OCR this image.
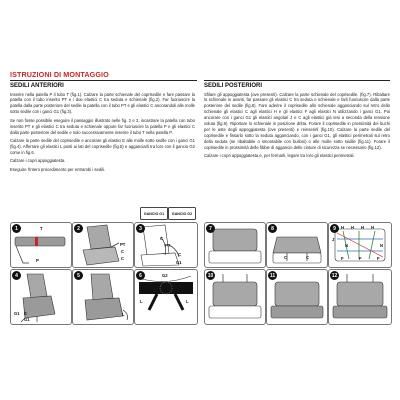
ISTRUZIONI DI MONTAGGIO
SEDILI ANTERIORI	SEDILI POSTERIORI

Inserire nella patella P il tubo T (fig.1). Calzare la parte schienale del coprisedile e fare passare la patella con il tubo inserito PT e i due elastici C tra seduta e schienale (fig.2). Far fuoriuscire la patella dalla parte posteriore del sedile la patella con il tubo PT e gli elastici C ancorandoli alle molle sotto sedile con i ganci G1 (fig.3).

Se non fosse possibile eseguire il passaggio illustrato nelle fig. 2 e 3, incastrare la patella con tubo inserito PT e gli elastici C tra seduta e schienale oppure far fuoriuscire la patella P e gli elastici C dalla parte posteriore del sedile e solo successivamente inserire il tubo T nella patella P.

Calzare la parte sedile del coprisedile e ancorare gli elastici E alle molle sotto sedile con i ganci G1 (fig.4). Afferrare gli elastici L posti ai lati del coprisedile (fig.5) e agganciarli tra loro con il gancio G2 come in fig.6.

Calzare i copri appoggiatesta.

Eseguire l'intero procedimento per entrambi i sedili.

GANCIO G1 GANCIO G2

Sfilare gli appoggiatesta (ove presenti). Calzare la parte schienale del coprisedile. (fig.7). Ribaltare lo schienale in avanti, far passare gli elastici C tra seduta e schienale e farli fuoriuscire dalla parte posteriore del sedile (fig.8). Fare aderire il coprisedile allo schienale agganciando sul retro dello schienale gli elastici C agli elastici H e gli elastici F agli elastici N utilizzando i ganci G1. Poi ancorare con i ganci G1 gli elastici angolari J e C agli elastici già tesi a seconda della tensione voluta (fig.9). Riportare lo schienale in posizione dritta. Forare il coprisedile in prossimità dei buchi per le aste degli appoggiatesta (ove presenti) e reinserirli (fig.10). Calzare la parte sedile del coprisedile e fissarlo sotto la seduta agganciando, con i ganci G1, gli elastici perimetrali sul retro della seduta (se ribaltabile o smontabile con bulloni) o alle molle sotto sedile (fig.11). Forare il coprisedile in prossimità delle fibbie di aggancio delle cinture di sicurezza se necessario (fig.12).

Calzare i copri appoggiatesta e, per fermarli, legare tra loro gli elastici perimetrali.

1	T
P
2
PT
C
C
3
C
PT
C
G1
4
G1 E
G1
5
L
6
L
G2
L
7	8
C	C
9	H H H H
J
N	N
F	F	F
10	11	12
